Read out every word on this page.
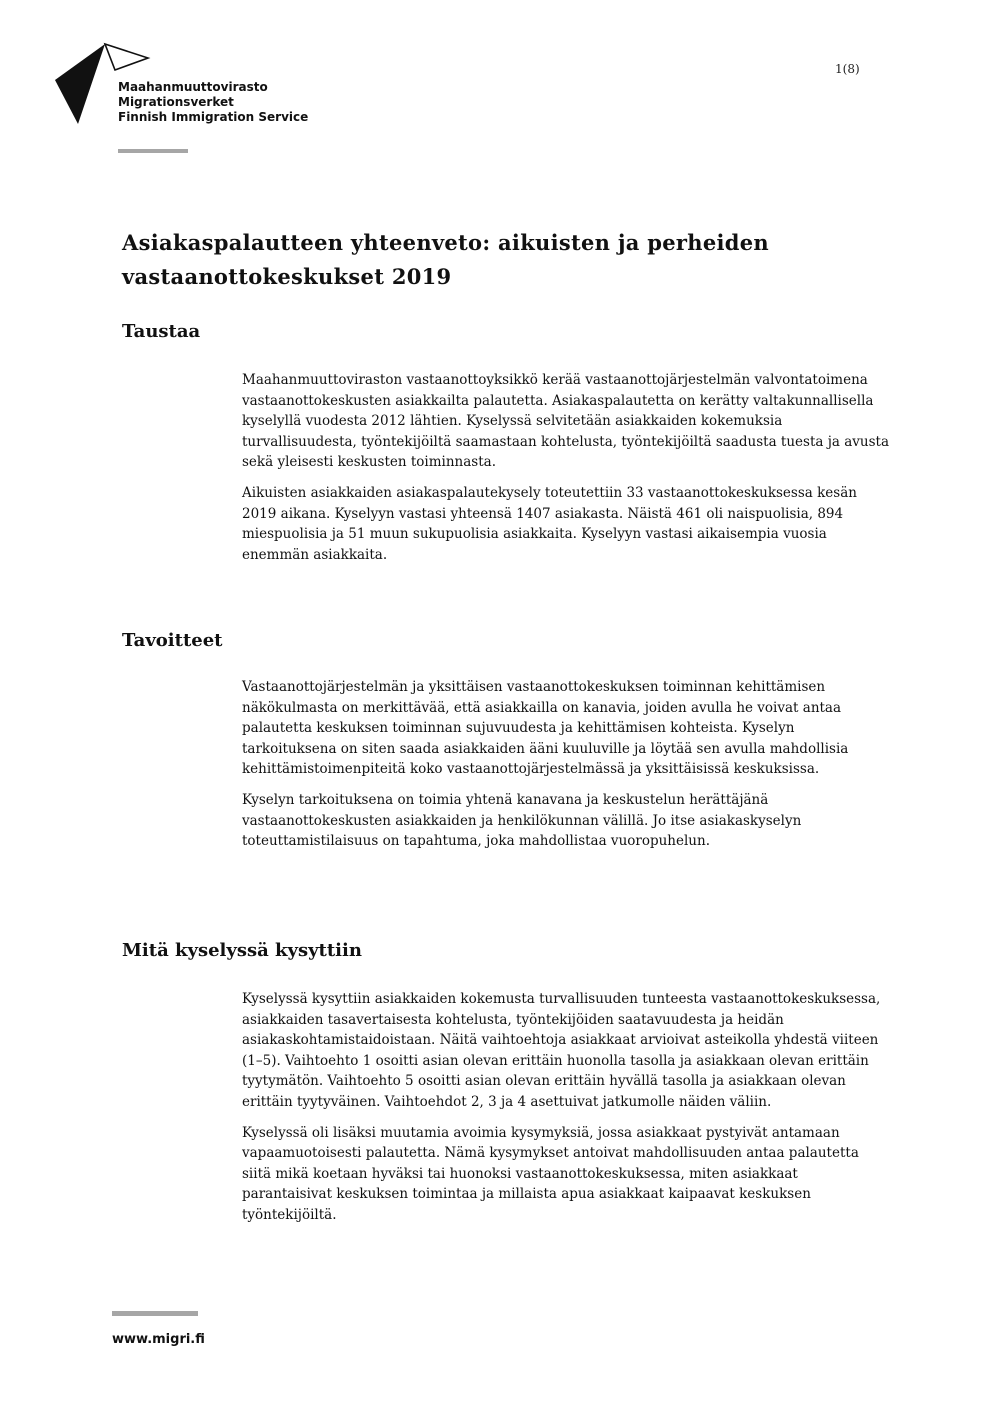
Maahanmuuttovirasto
Migrationsverket
Finnish Immigration Service
1(8)
Asiakaspalautteen yhteenveto: aikuisten ja perheiden vastaanottokeskukset 2019
Taustaa

Maahanmuuttoviraston vastaanottoyksikkö kerää vastaanottojärjestelmän valvontatoimena vastaanottokeskusten asiakkailta palautetta. Asiakaspalautetta on kerätty valtakunnallisella kyselyllä vuodesta 2012 lähtien. Kyselyssä selvitetään asiakkaiden kokemuksia turvallisuudesta, työntekijöiltä saamastaan kohtelusta, työntekijöiltä saadusta tuesta ja avusta sekä yleisesti keskusten toiminnasta.

Aikuisten asiakkaiden asiakaspalautekysely toteutettiin 33 vastaanottokeskuksessa kesän 2019 aikana. Kyselyyn vastasi yhteensä 1407 asiakasta. Näistä 461 oli naispuolisia, 894 miespuolisia ja 51 muun sukupuolisia asiakkaita. Kyselyyn vastasi aikaisempia vuosia enemmän asiakkaita.

Tavoitteet

Vastaanottojärjestelmän ja yksittäisen vastaanottokeskuksen toiminnan kehittämisen näkökulmasta on merkittävää, että asiakkailla on kanavia, joiden avulla he voivat antaa palautetta keskuksen toiminnan sujuvuudesta ja kehittämisen kohteista. Kyselyn tarkoituksena on siten saada asiakkaiden ääni kuuluville ja löytää sen avulla mahdollisia kehittämistoimenpiteitä koko vastaanottojärjestelmässä ja yksittäisissä keskuksissa.

Kyselyn tarkoituksena on toimia yhtenä kanavana ja keskustelun herättäjänä vastaanottokeskusten asiakkaiden ja henkilökunnan välillä. Jo itse asiakaskyselyn toteuttamistilaisuus on tapahtuma, joka mahdollistaa vuoropuhelun.

Mitä kyselyssä kysyttiin

Kyselyssä kysyttiin asiakkaiden kokemusta turvallisuuden tunteesta vastaanottokeskuksessa, asiakkaiden tasavertaisesta kohtelusta, työntekijöiden saatavuudesta ja heidän asiakaskohtamistaidoistaan. Näitä vaihtoehtoja asiakkaat arvioivat asteikolla yhdestä viiteen (1–5). Vaihtoehto 1 osoitti asian olevan erittäin huonolla tasolla ja asiakkaan olevan erittäin tyytymätön. Vaihtoehto 5 osoitti asian olevan erittäin hyvällä tasolla ja asiakkaan olevan erittäin tyytyväinen. Vaihtoehdot 2, 3 ja 4 asettuivat jatkumolle näiden väliin.

Kyselyssä oli lisäksi muutamia avoimia kysymyksiä, jossa asiakkaat pystyivät antamaan vapaamuotoisesti palautetta. Nämä kysymykset antoivat mahdollisuuden antaa palautetta siitä mikä koetaan hyväksi tai huonoksi vastaanottokeskuksessa, miten asiakkaat parantaisivat keskuksen toimintaa ja millaista apua asiakkaat kaipaavat keskuksen työntekijöiltä.

www.migri.fi
